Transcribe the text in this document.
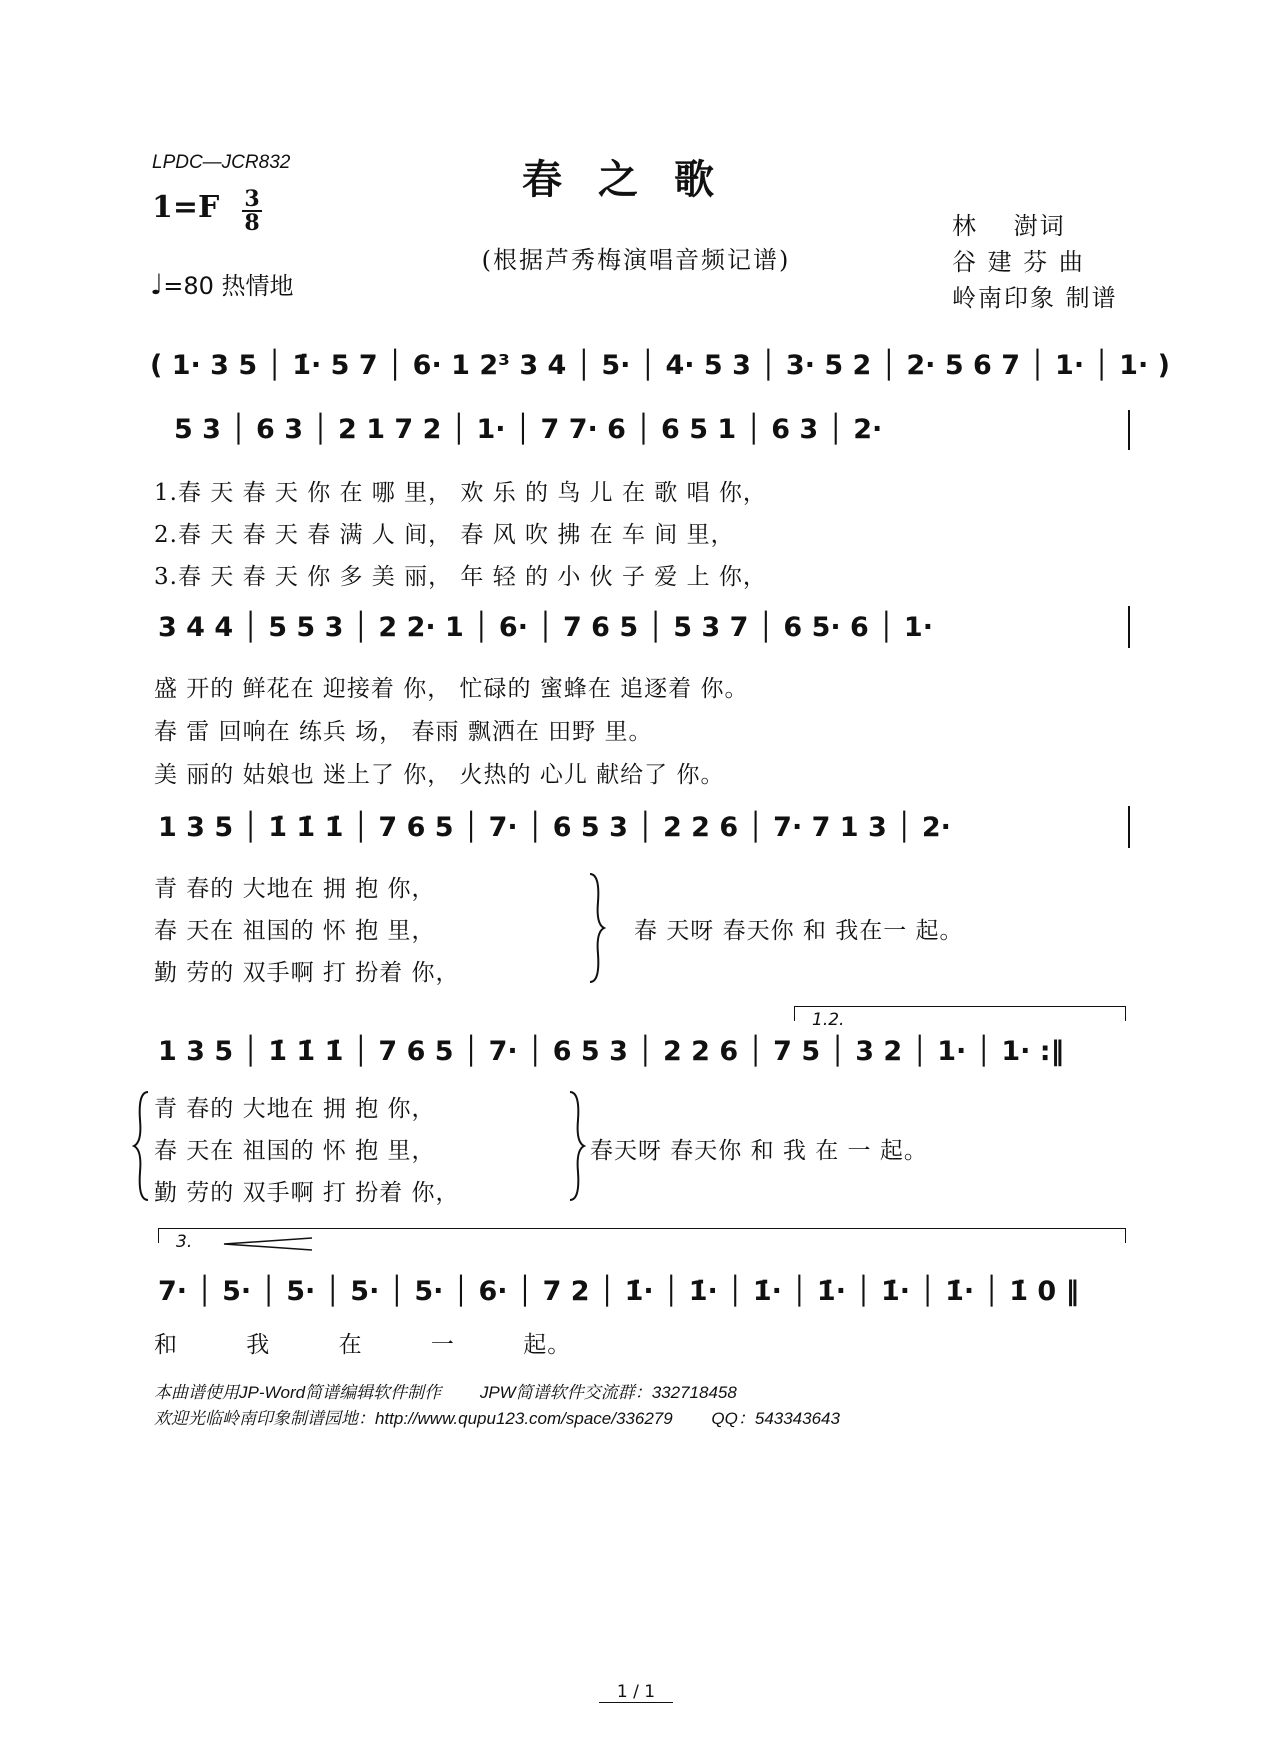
LPDC—JCR832	春之歌
(根据芦秀梅演唱音频记谱)
1=F 3
8
♩=80 热情地
林　 澍词
谷 建 芬 曲
岭南印象 制谱
( 1· 3 5 │ 1̇· 5 7 │ 6· 1 2³ 3 4 │ 5· │ 4· 5 3 │ 3· 5 2 │ 2· 5 6 7 │ 1· │ 1· )
5 3 │ 6 3 │ 2 1 7 2 │ 1· │ 7 7· 6 │ 6 5 1 │ 6 3 │ 2·
1.春 天 春 天 你 在 哪 里， 欢 乐 的 鸟 儿 在 歌 唱 你，
2.春 天 春 天 春 满 人 间， 春 风 吹 拂 在 车 间 里，
3.春 天 春 天 你 多 美 丽， 年 轻 的 小 伙 子 爱 上 你，
3 4 4 │ 5 5 3 │ 2 2· 1 │ 6· │ 7 6 5 │ 5 3 7 │ 6 5· 6 │ 1·
盛 开的 鲜花在 迎接着 你， 忙碌的 蜜蜂在 追逐着 你。
春 雷 回响在 练兵 场， 春雨 飘洒在 田野 里。
美 丽的 姑娘也 迷上了 你， 火热的 心儿 献给了 你。
1 3 5 │ 1̇ 1̇ 1̇ │ 7 6 5 │ 7· │ 6 5 3 │ 2 2 6 │ 7· 7 1 3 │ 2·
青 春的 大地在 拥 抱 你，
春 天在 祖国的 怀 抱 里，
勤 劳的 双手啊 打 扮着 你，
春 天呀 春天你 和 我在一 起。
1.2.
1 3 5 │ 1̇ 1̇ 1̇ │ 7 6 5 │ 7· │ 6 5 3 │ 2 2 6 │ 7 5 │ 3 2 │ 1· │ 1· :‖
青 春的 大地在 拥 抱 你，
春 天在 祖国的 怀 抱 里，
勤 劳的 双手啊 打 扮着 你，
春天呀 春天你 和 我 在 一 起。
3.
7· │ 5· │ 5· │ 5· │ 5· │ 6· │ 7 2 │ 1̇· │ 1̇· │ 1̇· │ 1̇· │ 1̇· │ 1̇· │ 1̇ 0 ‖
和 我 在 一 起。
本曲谱使用JP-Word简谱编辑软件制作　　 JPW简谱软件交流群：332718458
欢迎光临岭南印象制谱园地：http://www.qupu123.com/space/336279　　 QQ：543343643
1 / 1
